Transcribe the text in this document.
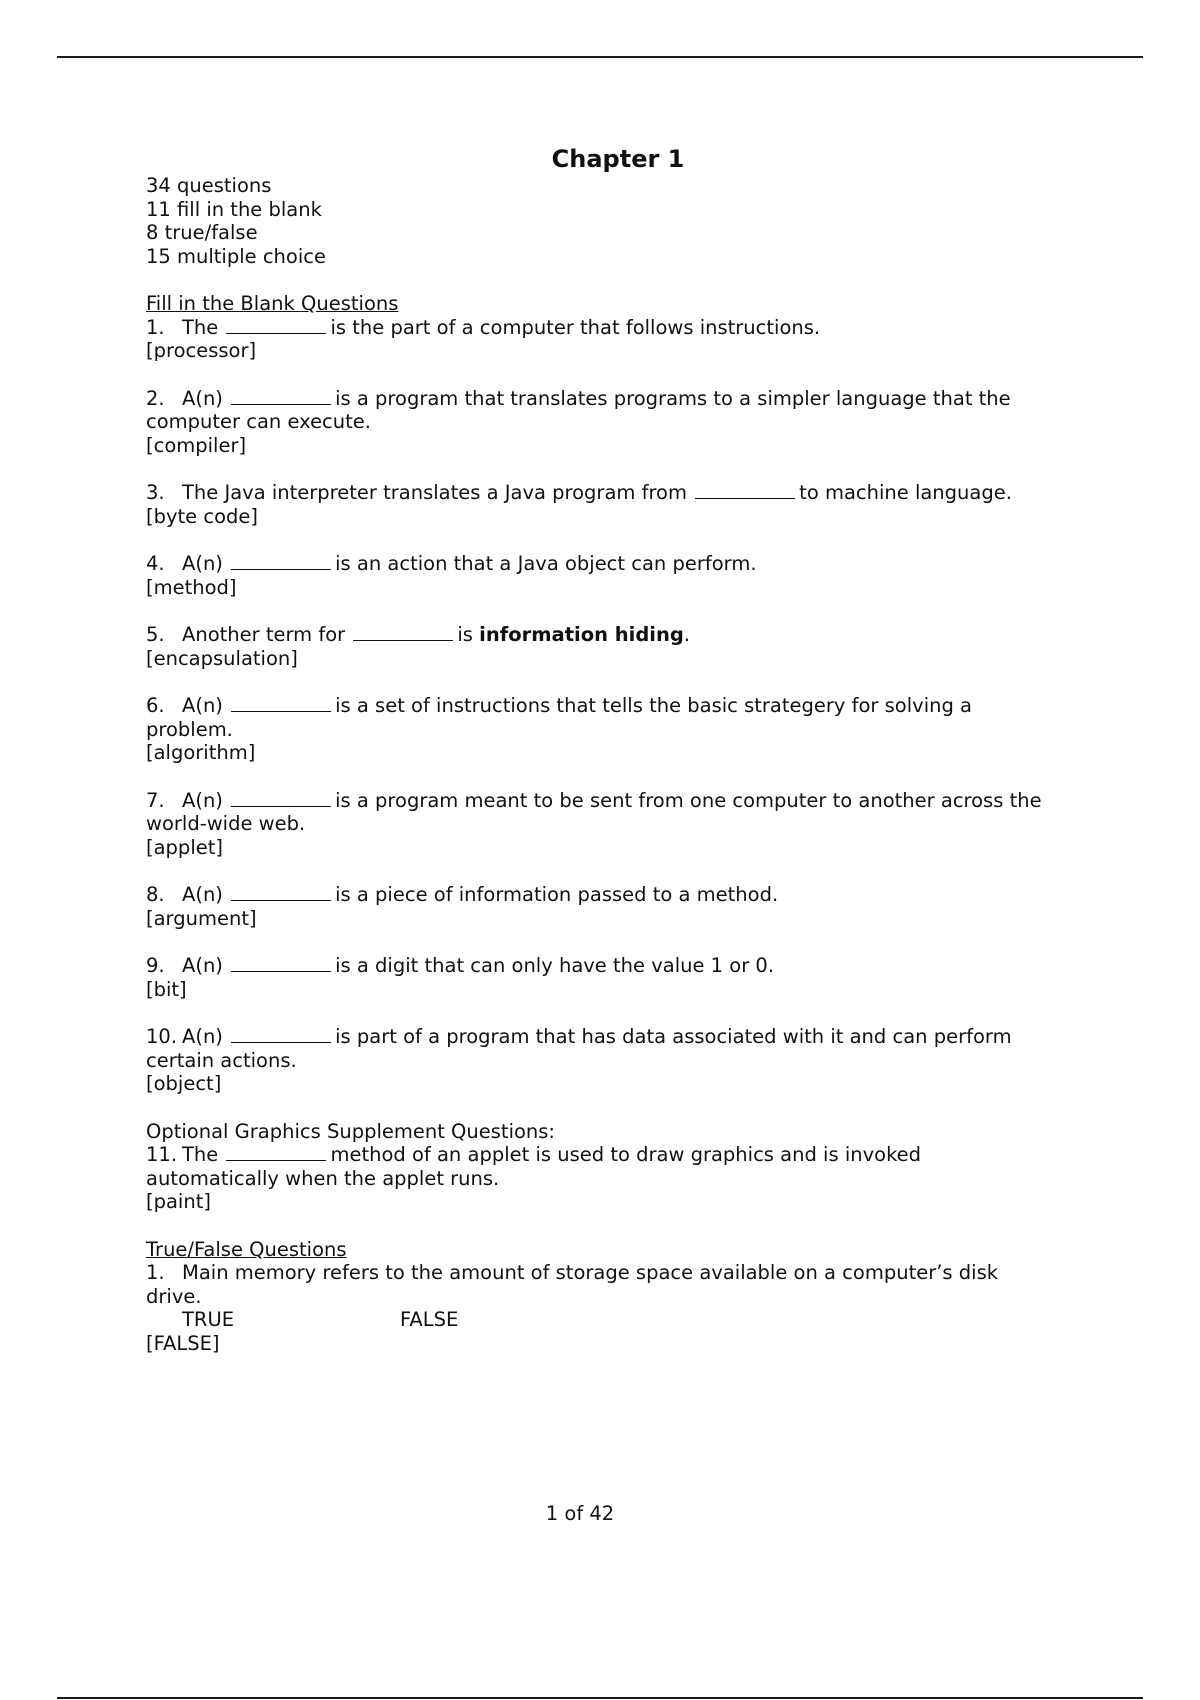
Chapter 1
34 questions
11 fill in the blank
8 true/false
15 multiple choice
Fill in the Blank Questions
1. The	is the part of a computer that follows instructions.
[processor]
2. A(n)	is a program that translates programs to a simpler language that the
computer can execute.
[compiler]
3. The Java interpreter translates a Java program from	to machine language.
[byte code]
4. A(n)	is an action that a Java object can perform.
[method]
5. Another term for	is information hiding.
[encapsulation]
6. A(n)	is a set of instructions that tells the basic strategery for solving a
problem.
[algorithm]
7. A(n)	is a program meant to be sent from one computer to another across the
world-wide web.
[applet]
8. A(n)	is a piece of information passed to a method.
[argument]
9. A(n)	is a digit that can only have the value 1 or 0.
[bit]
10. A(n)	is part of a program that has data associated with it and can perform
certain actions.
[object]
Optional Graphics Supplement Questions:
11. The	method of an applet is used to draw graphics and is invoked
automatically when the applet runs.
[paint]
True/False Questions
1. Main memory refers to the amount of storage space available on a computer’s disk
drive.
TRUE	FALSE
[FALSE]
1 of 42
